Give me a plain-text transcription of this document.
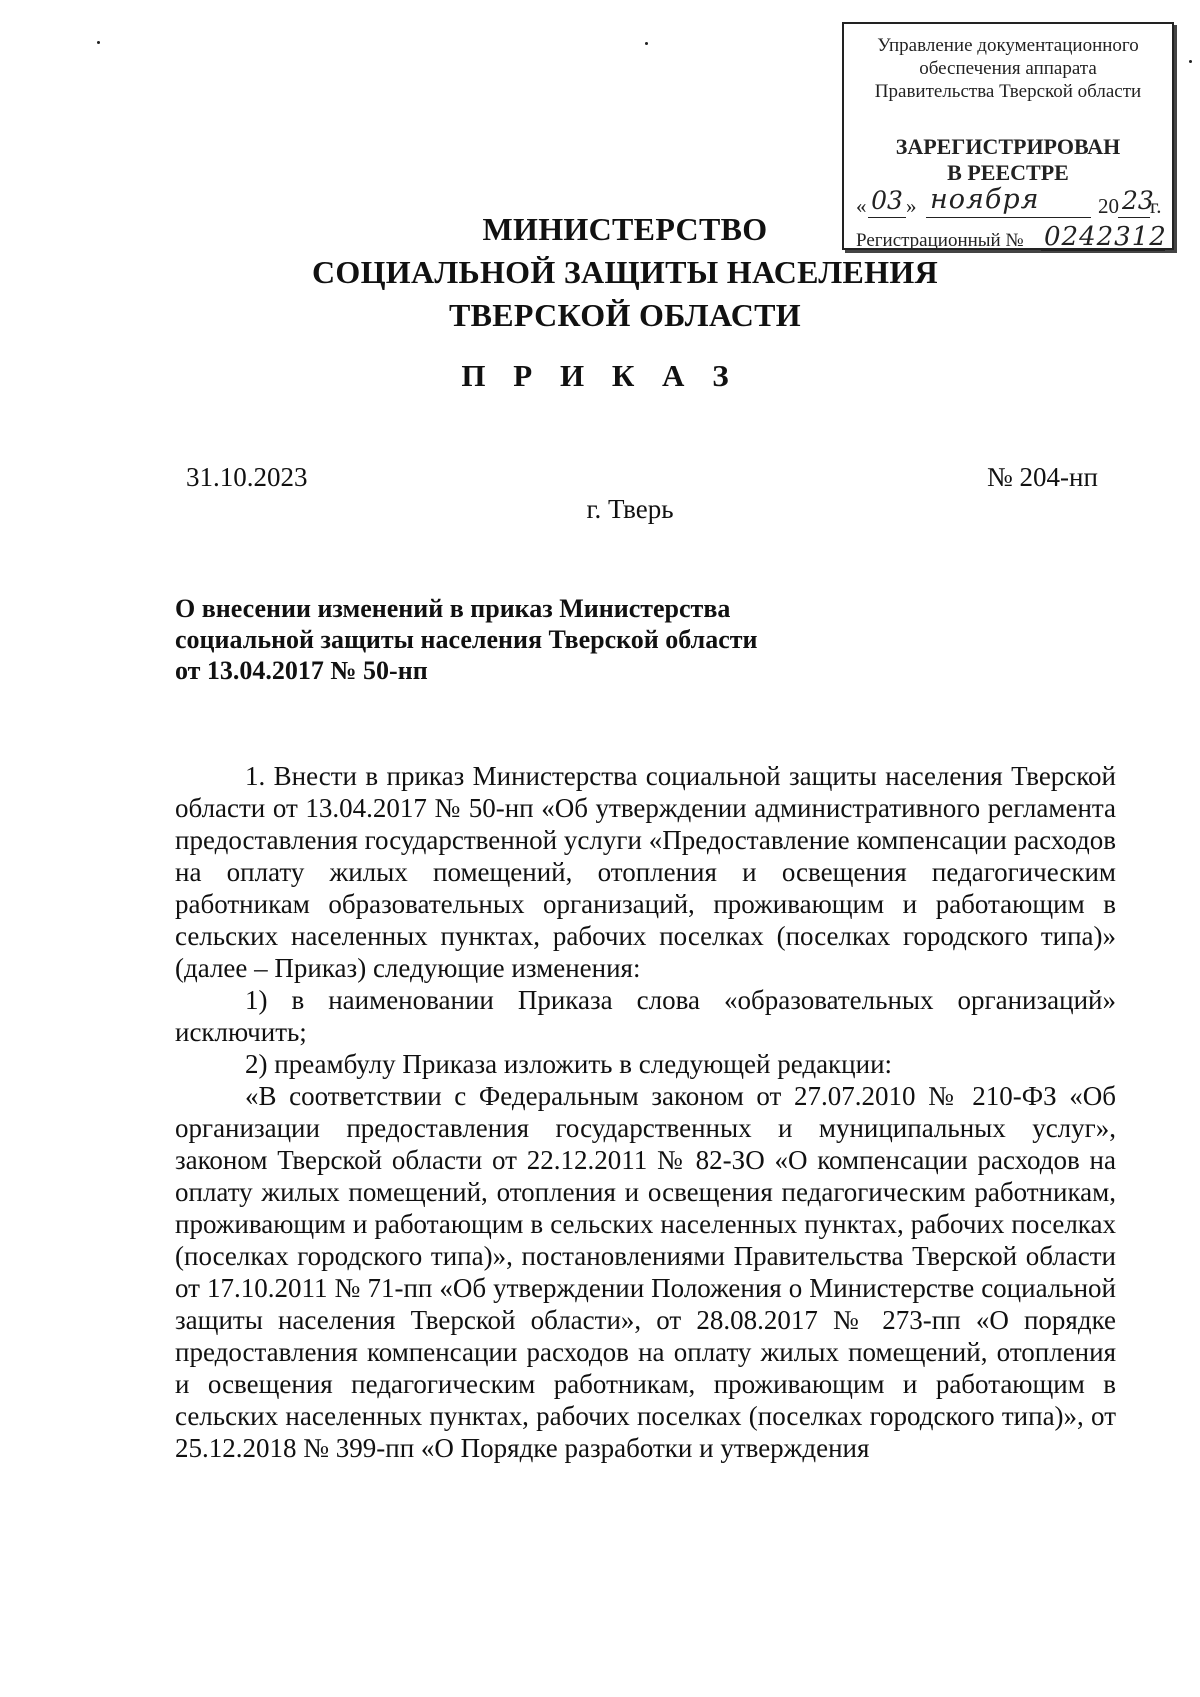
Управление документационного
обеспечения аппарата
Правительства Тверской области
ЗАРЕГИСТРИРОВАН
В РЕЕСТРЕ
« 03 » ноября	20 23
г.
Регистрационный № 0242312
МИНИСТЕРСТВО
СОЦИАЛЬНОЙ ЗАЩИТЫ НАСЕЛЕНИЯ
ТВЕРСКОЙ ОБЛАСТИ
П Р И К А З
31.10.2023	№ 204-нп
г. Тверь
О внесении изменений в приказ Министерства
социальной защиты населения Тверской области
от 13.04.2017 № 50-нп

1. Внести в приказ Министерства социальной защиты населения Тверской области от 13.04.2017 № 50-нп «Об утверждении административного регламента предоставления государственной услуги «Предоставление компенсации расходов на оплату жилых помещений, отопления и освещения педагогическим работникам образовательных организаций, проживающим и работающим в сельских населенных пунктах, рабочих поселках (поселках городского типа)» (далее – Приказ) следующие изменения:

1) в наименовании Приказа слова «образовательных организаций» исключить;

2) преамбулу Приказа изложить в следующей редакции:

«В соответствии с Федеральным законом от 27.07.2010 № 210-ФЗ «Об организации предоставления государственных и муниципальных услуг», законом Тверской области от 22.12.2011 № 82-ЗО «О компенсации расходов на оплату жилых помещений, отопления и освещения педагогическим работникам, проживающим и работающим в сельских населенных пунктах, рабочих поселках (поселках городского типа)», постановлениями Правительства Тверской области от 17.10.2011 № 71-пп «Об утверждении Положения о Министерстве социальной защиты населения Тверской области», от 28.08.2017 № 273-пп «О порядке предоставления компенсации расходов на оплату жилых помещений, отопления и освещения педагогическим работникам, проживающим и работающим в сельских населенных пунктах, рабочих поселках (поселках городского типа)», от 25.12.2018 № 399-пп «О Порядке разработки и утверждения
